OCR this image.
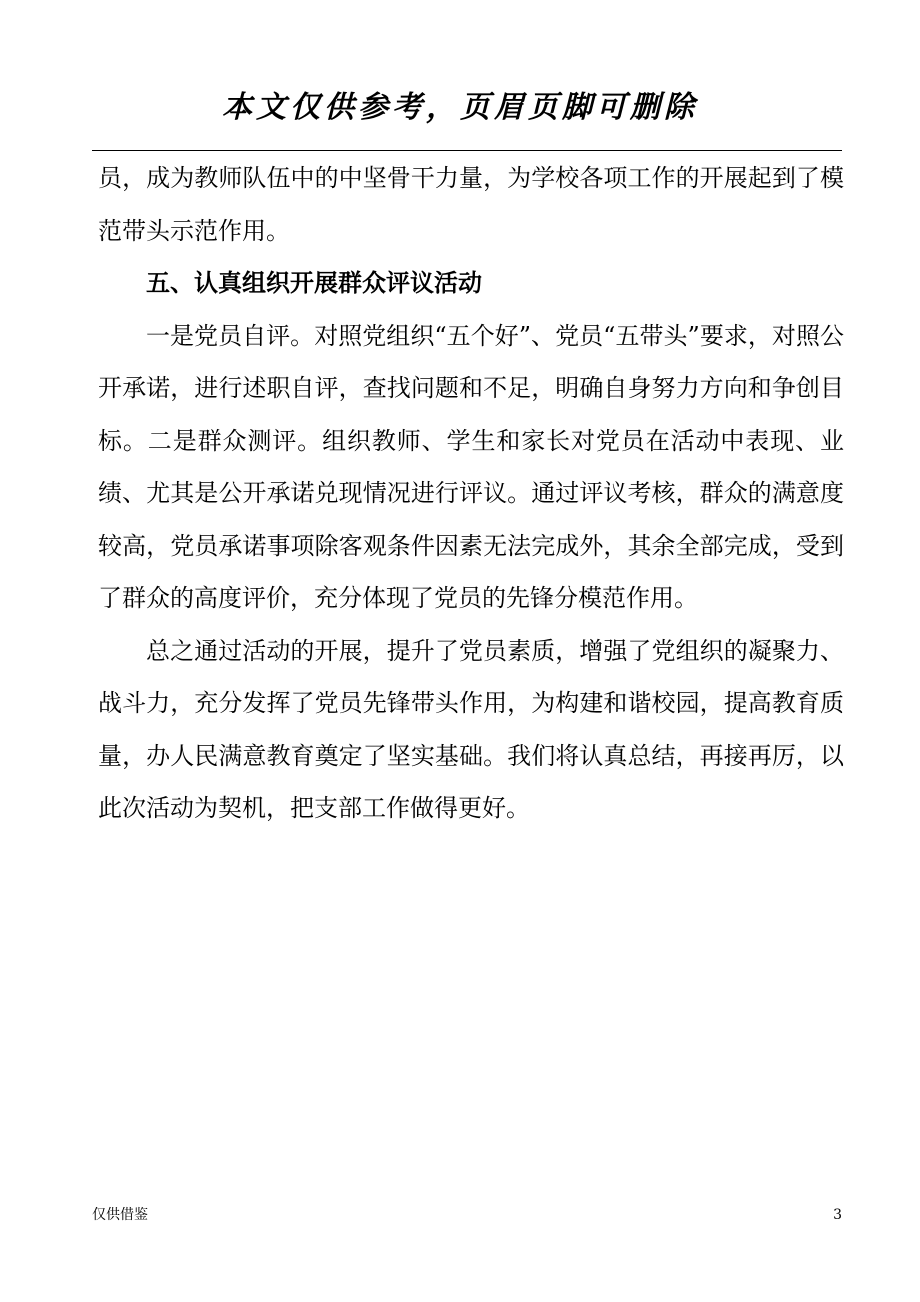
本文仅供参考，页眉页脚可删除

员，成为教师队伍中的中坚骨干力量，为学校各项工作的开展起到了模范带头示范作用。

五、认真组织开展群众评议活动

一是党员自评。对照党组织“五个好”、党员“五带头”要求，对照公开承诺，进行述职自评，查找问题和不足，明确自身努力方向和争创目标。二是群众测评。组织教师、学生和家长对党员在活动中表现、业绩、尤其是公开承诺兑现情况进行评议。通过评议考核，群众的满意度较高，党员承诺事项除客观条件因素无法完成外，其余全部完成，受到了群众的高度评价，充分体现了党员的先锋分模范作用。

总之通过活动的开展，提升了党员素质，增强了党组织的凝聚力、战斗力，充分发挥了党员先锋带头作用，为构建和谐校园，提高教育质量，办人民满意教育奠定了坚实基础。我们将认真总结，再接再厉，以此次活动为契机，把支部工作做得更好。

仅供借鉴	3
